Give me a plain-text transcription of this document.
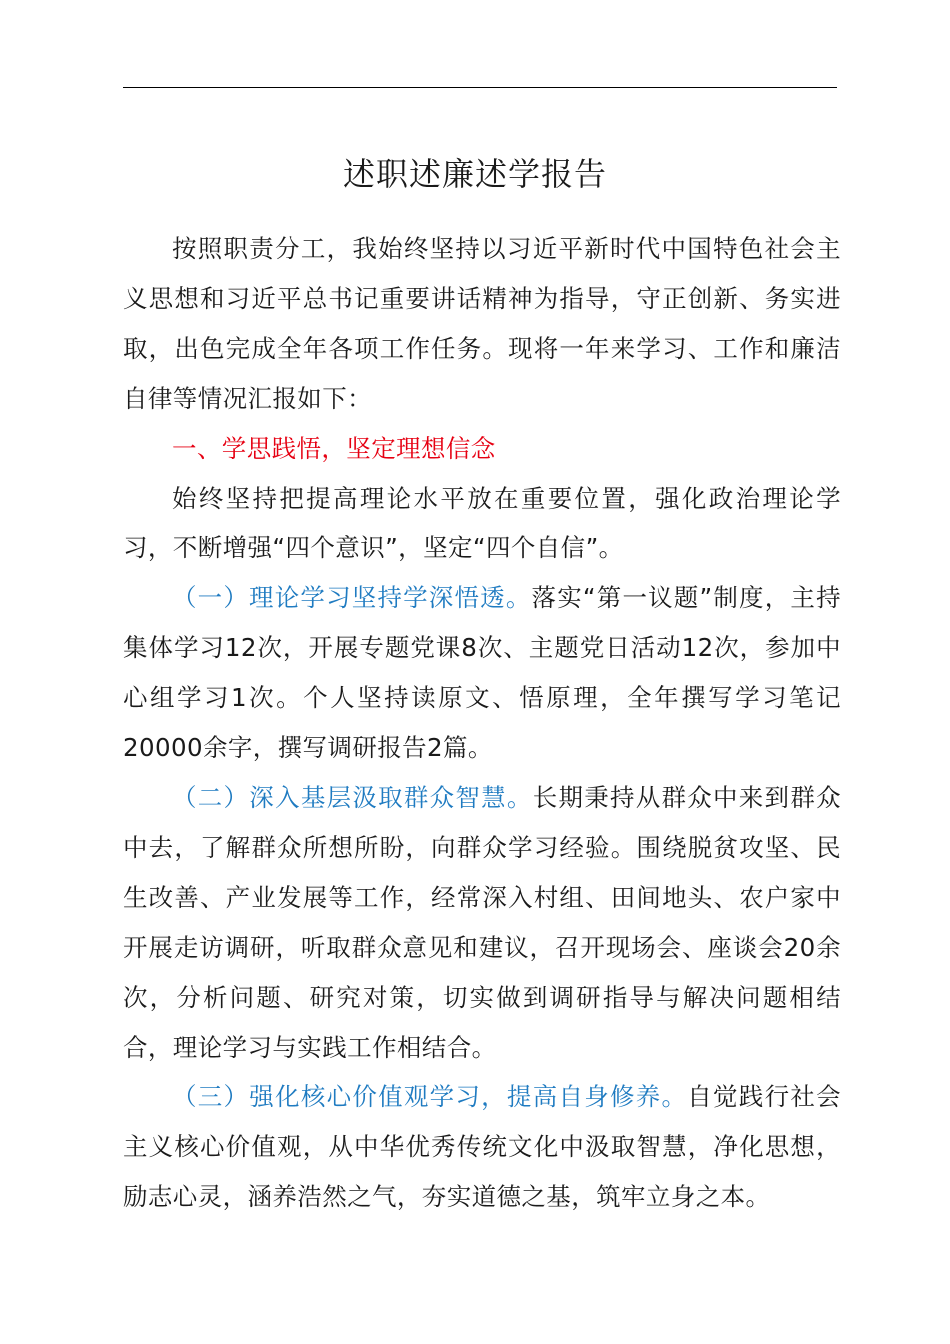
述职述廉述学报告

按照职责分工，我始终坚持以习近平新时代中国特色社会主义思想和习近平总书记重要讲话精神为指导，守正创新、务实进取，出色完成全年各项工作任务。现将一年来学习、工作和廉洁自律等情况汇报如下：

一、学思践悟，坚定理想信念

始终坚持把提高理论水平放在重要位置，强化政治理论学习，不断增强“四个意识”，坚定“四个自信”。

（一）理论学习坚持学深悟透。落实“第一议题”制度，主持集体学习12次，开展专题党课8次、主题党日活动12次，参加中心组学习1次。个人坚持读原文、悟原理，全年撰写学习笔记20000余字，撰写调研报告2篇。

（二）深入基层汲取群众智慧。长期秉持从群众中来到群众中去，了解群众所想所盼，向群众学习经验。围绕脱贫攻坚、民生改善、产业发展等工作，经常深入村组、田间地头、农户家中开展走访调研，听取群众意见和建议，召开现场会、座谈会20余次，分析问题、研究对策，切实做到调研指导与解决问题相结合，理论学习与实践工作相结合。

（三）强化核心价值观学习，提高自身修养。自觉践行社会主义核心价值观，从中华优秀传统文化中汲取智慧，净化思想，励志心灵，涵养浩然之气，夯实道德之基，筑牢立身之本。
